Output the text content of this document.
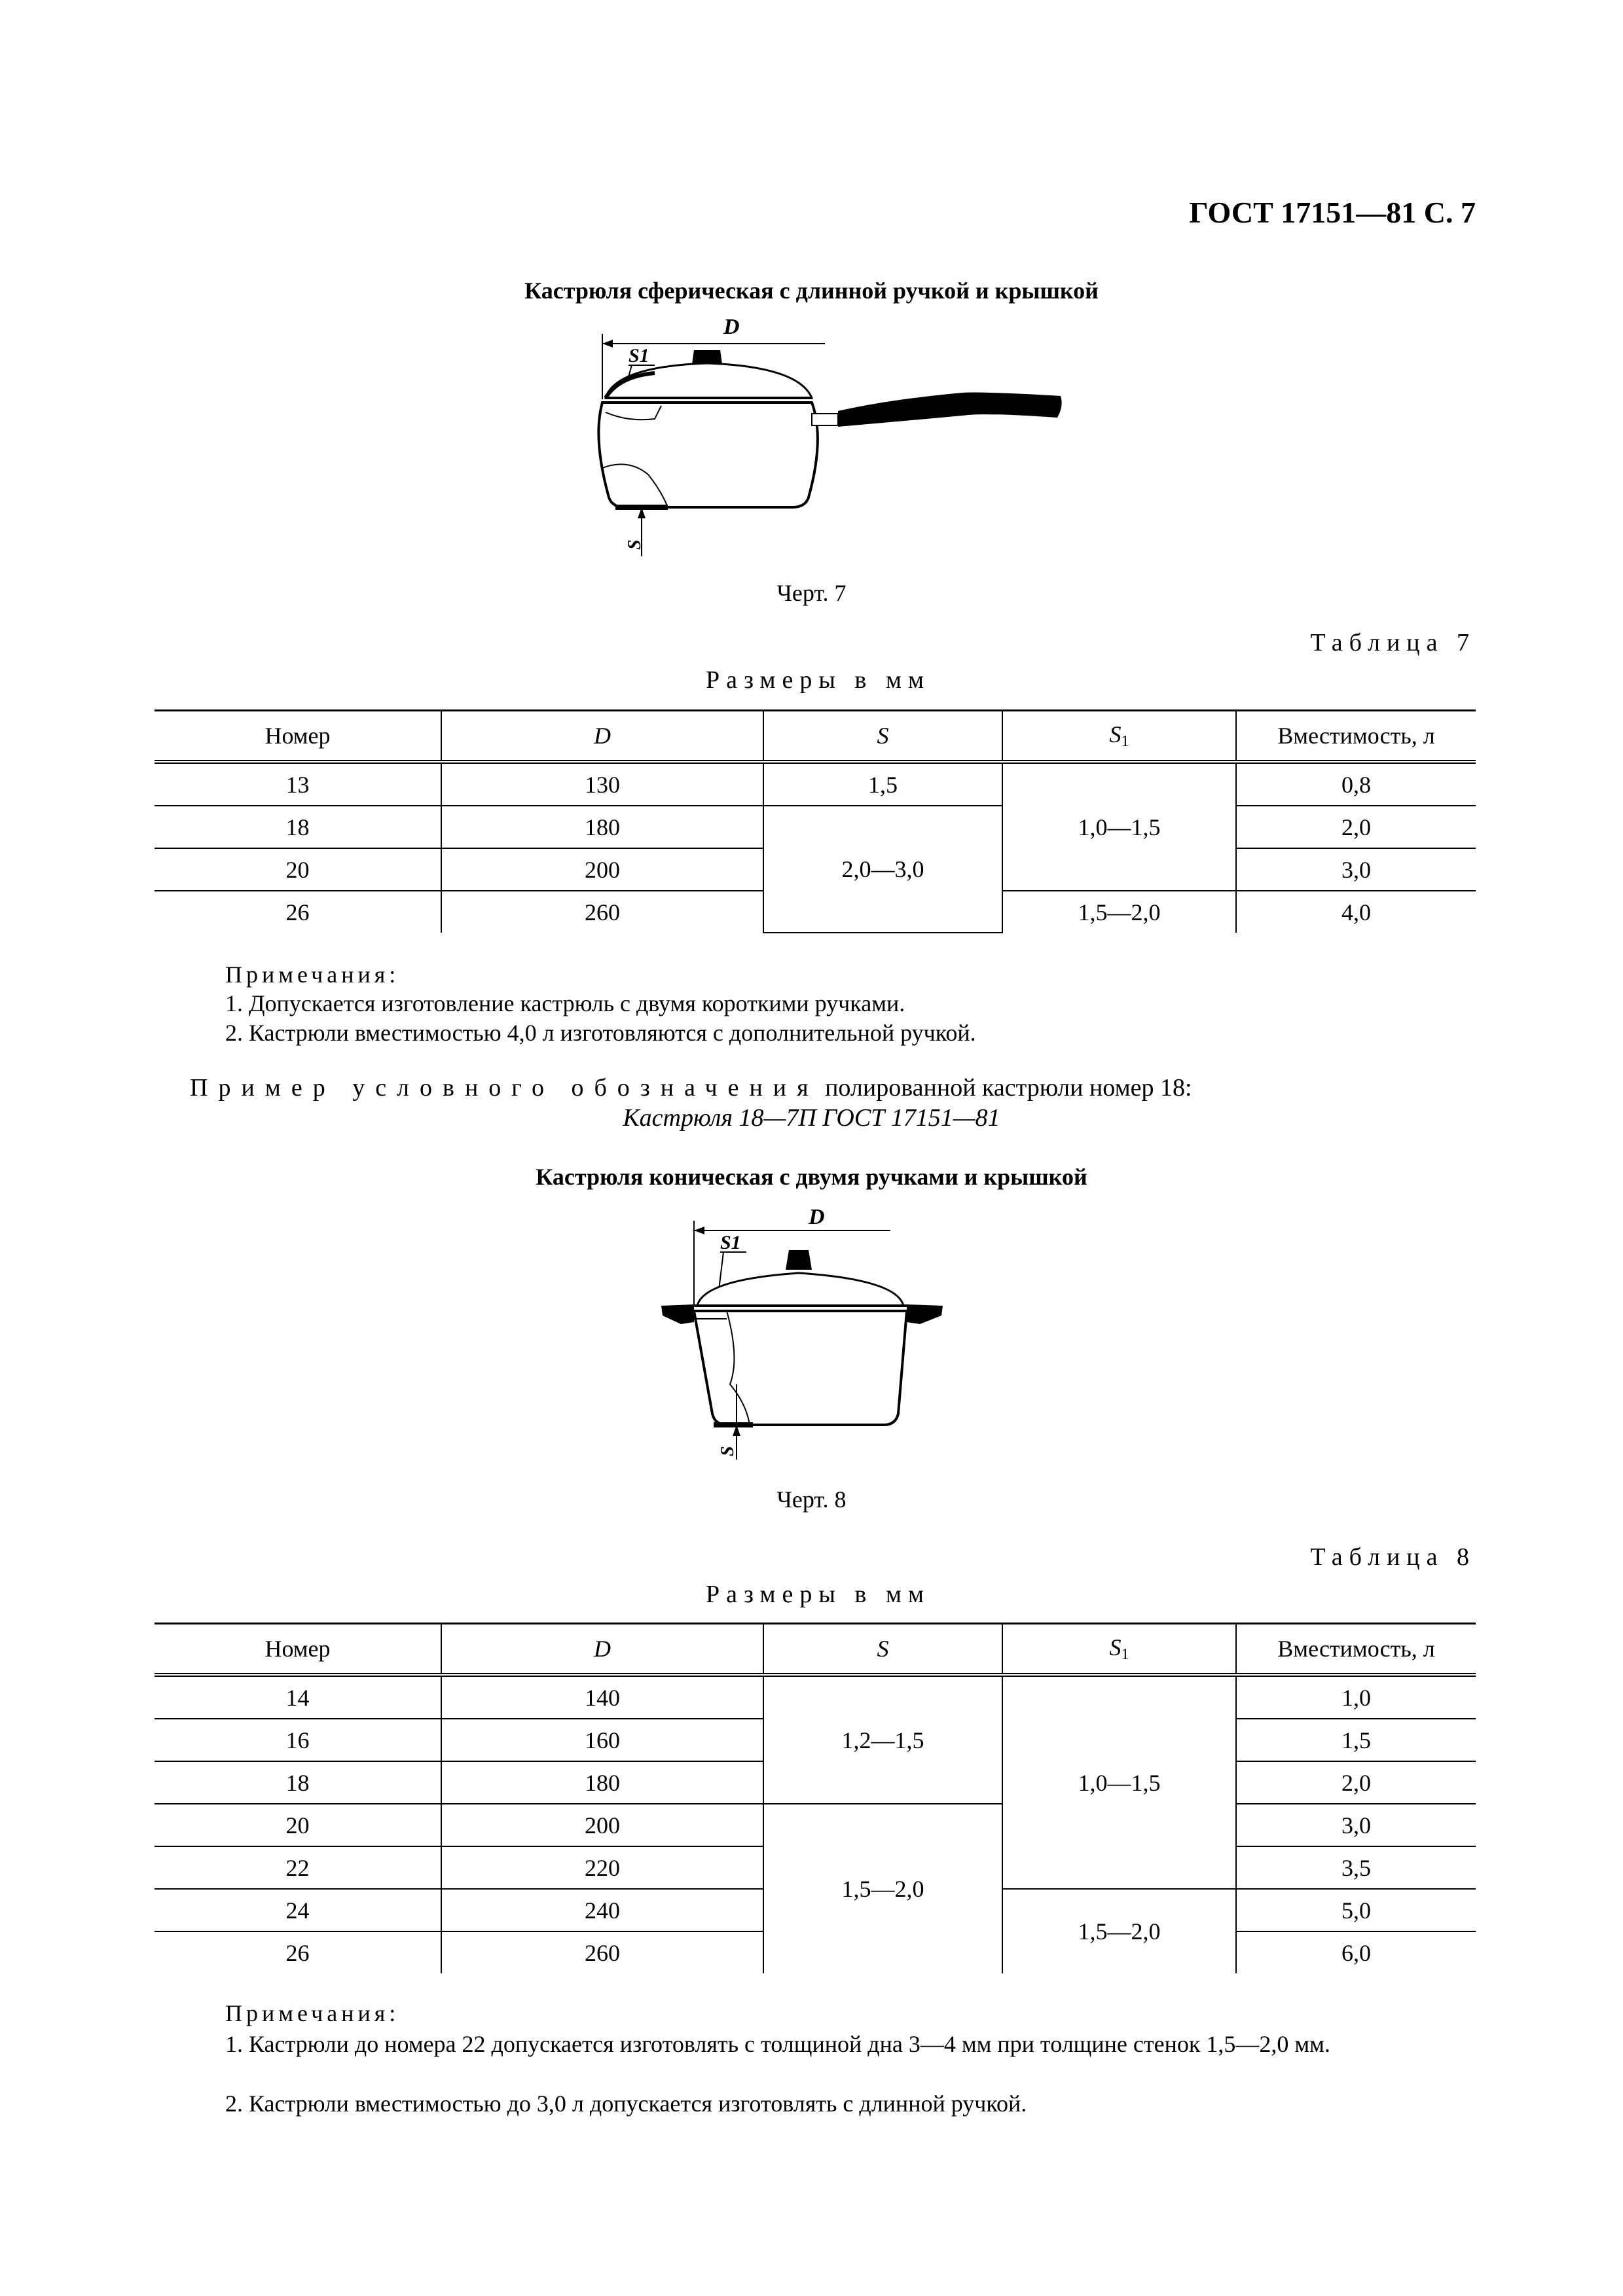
ГОСТ 17151—81 С. 7
Кастрюля сферическая с длинной ручкой и крышкой
D
S1
S
Черт. 7
Таблица 7
Размеры в мм
Номер	D	S	$S_1$	Вместимость, л
13	130	1,5	1,0—1,5	0,8
18	180	2,0—3,0		2,0
20	200			3,0
26	260		1,5—2,0	4,0
Примечания:
1. Допускается изготовление кастрюль с двумя короткими ручками.
2. Кастрюли вместимостью 4,0 л изготовляются с дополнительной ручкой.
Пример условного обозначения полированной кастрюли номер 18:
Кастрюля 18—7П ГОСТ 17151—81
Кастрюля коническая с двумя ручками и крышкой
D
S1
S
Черт. 8
Таблица 8
Размеры в мм
Номер	D	S	$S_1$	Вместимость, л
14	140	1,2—1,5	1,0—1,5	1,0
16	160			1,5
18	180			2,0
20	200	1,5—2,0		3,0
22	220			3,5
24	240		1,5—2,0	5,0
26	260			6,0
Примечания:
1. Кастрюли до номера 22 допускается изготовлять с толщиной дна 3—4 мм при толщине стенок 1,5—2,0 мм.
2. Кастрюли вместимостью до 3,0 л допускается изготовлять с длинной ручкой.
